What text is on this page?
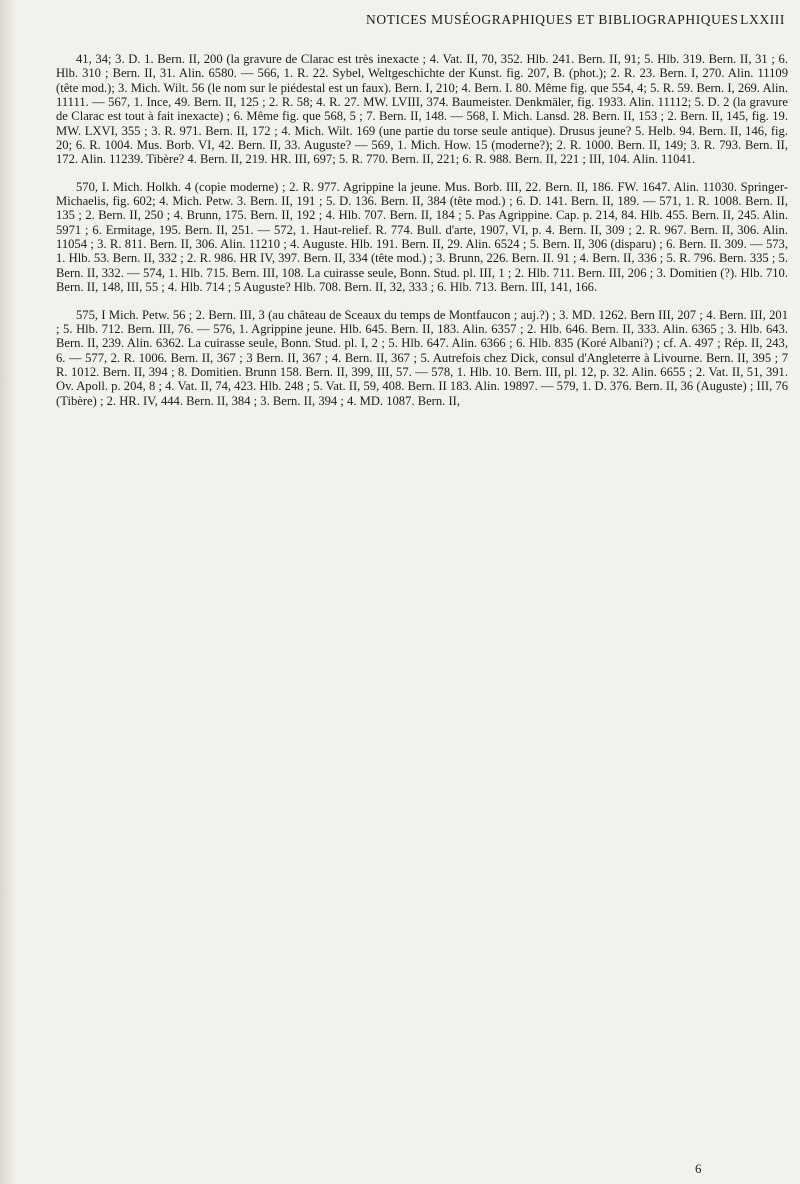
NOTICES MUSÉOGRAPHIQUES ET BIBLIOGRAPHIQUES LXXIII

41, 34; 3. D. 1. Bern. II, 200 (la gravure de Clarac est très inexacte ; 4. Vat. II, 70, 352. Hlb. 241. Bern. II, 91; 5. Hlb. 319. Bern. II, 31 ; 6. Hlb. 310 ; Bern. II, 31. Alin. 6580. — 566, 1. R. 22. Sybel, Weltgeschichte der Kunst. fig. 207, B. (phot.); 2. R. 23. Bern. I, 270. Alin. 11109 (tête mod.); 3. Mich. Wilt. 56 (le nom sur le piédestal est un faux). Bern. I, 210; 4. Bern. I. 80. Même fig. que 554, 4; 5. R. 59. Bern. I, 269. Alin. 11111. — 567, 1. Ince, 49. Bern. II, 125 ; 2. R. 58; 4. R. 27. MW. LVIII, 374. Baumeister. Denkmäler, fig. 1933. Alin. 11112; 5. D. 2 (la gravure de Clarac est tout à fait inexacte) ; 6. Même fig. que 568, 5 ; 7. Bern. II, 148. — 568, I. Mich. Lansd. 28. Bern. II, 153 ; 2. Bern. II, 145, fig. 19. MW. LXVI, 355 ; 3. R. 971. Bern. II, 172 ; 4. Mich. Wilt. 169 (une partie du torse seule antique). Drusus jeune? 5. Helb. 94. Bern. II, 146, fig. 20; 6. R. 1004. Mus. Borb. VI, 42. Bern. II, 33. Auguste? — 569, 1. Mich. How. 15 (moderne?); 2. R. 1000. Bern. II, 149; 3. R. 793. Bern. II, 172. Alin. 11239. Tibère? 4. Bern. II, 219. HR. III, 697; 5. R. 770. Bern. II, 221; 6. R. 988. Bern. II, 221 ; III, 104. Alin. 11041.

570, I. Mich. Holkh. 4 (copie moderne) ; 2. R. 977. Agrippine la jeune. Mus. Borb. III, 22. Bern. II, 186. FW. 1647. Alin. 11030. Springer-Michaelis, fig. 602; 4. Mich. Petw. 3. Bern. II, 191 ; 5. D. 136. Bern. II, 384 (tête mod.) ; 6. D. 141. Bern. II, 189. — 571, 1. R. 1008. Bern. II, 135 ; 2. Bern. II, 250 ; 4. Brunn, 175. Bern. II, 192 ; 4. Hlb. 707. Bern. II, 184 ; 5. Pas Agrippine. Cap. p. 214, 84. Hlb. 455. Bern. II, 245. Alin. 5971 ; 6. Ermitage, 195. Bern. II, 251. — 572, 1. Haut-relief. R. 774. Bull. d'arte, 1907, VI, p. 4. Bern. II, 309 ; 2. R. 967. Bern. II, 306. Alin. 11054 ; 3. R. 811. Bern. II, 306. Alin. 11210 ; 4. Auguste. Hlb. 191. Bern. II, 29. Alin. 6524 ; 5. Bern. II, 306 (disparu) ; 6. Bern. II. 309. — 573, 1. Hlb. 53. Bern. II, 332 ; 2. R. 986. HR IV, 397. Bern. II, 334 (tête mod.) ; 3. Brunn, 226. Bern. II. 91 ; 4. Bern. II, 336 ; 5. R. 796. Bern. 335 ; 5. Bern. II, 332. — 574, 1. Hlb. 715. Bern. III, 108. La cuirasse seule, Bonn. Stud. pl. III, 1 ; 2. Hlb. 711. Bern. III, 206 ; 3. Domitien (?). Hlb. 710. Bern. II, 148, III, 55 ; 4. Hlb. 714 ; 5 Auguste? Hlb. 708. Bern. II, 32, 333 ; 6. Hlb. 713. Bern. III, 141, 166.

575, I Mich. Petw. 56 ; 2. Bern. III, 3 (au château de Sceaux du temps de Montfaucon ; auj.?) ; 3. MD. 1262. Bern III, 207 ; 4. Bern. III, 201 ; 5. Hlb. 712. Bern. III, 76. — 576, 1. Agrippine jeune. Hlb. 645. Bern. II, 183. Alin. 6357 ; 2. Hlb. 646. Bern. II, 333. Alin. 6365 ; 3. Hlb. 643. Bern. II, 239. Alin. 6362. La cuirasse seule, Bonn. Stud. pl. I, 2 ; 5. Hlb. 647. Alin. 6366 ; 6. Hlb. 835 (Koré Albani?) ; cf. A. 497 ; Rép. II, 243, 6. — 577, 2. R. 1006. Bern. II, 367 ; 3 Bern. II, 367 ; 4. Bern. II, 367 ; 5. Autrefois chez Dick, consul d'Angleterre à Livourne. Bern. II, 395 ; 7 R. 1012. Bern. II, 394 ; 8. Domitien. Brunn 158. Bern. II, 399, III, 57. — 578, 1. Hlb. 10. Bern. III, pl. 12, p. 32. Alin. 6655 ; 2. Vat. II, 51, 391. Ov. Apoll. p. 204, 8 ; 4. Vat. II, 74, 423. Hlb. 248 ; 5. Vat. II, 59, 408. Bern. II 183. Alin. 19897. — 579, 1. D. 376. Bern. II, 36 (Auguste) ; III, 76 (Tibère) ; 2. HR. IV, 444. Bern. II, 384 ; 3. Bern. II, 394 ; 4. MD. 1087. Bern. II,

6
